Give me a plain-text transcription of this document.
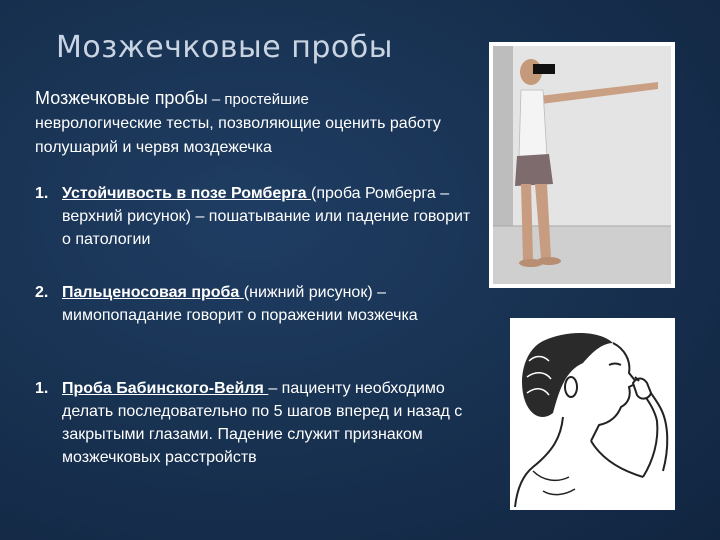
Мозжечковые пробы
Мозжечковые пробы – простейшие
неврологические тесты, позволяющие оценить работу полушарий и червя моздежечка
1. Устойчивость в позе Ромберга (проба Ромберга – верхний рисунок) – пошатывание или падение говорит о патологии
2. Пальценосовая проба (нижний рисунок) – мимопопадание говорит о поражении мозжечка
1. Проба Бабинского-Вейля – пациенту необходимо делать последовательно по 5 шагов вперед и назад с закрытыми глазами. Падение служит признаком мозжечковых расстройств
